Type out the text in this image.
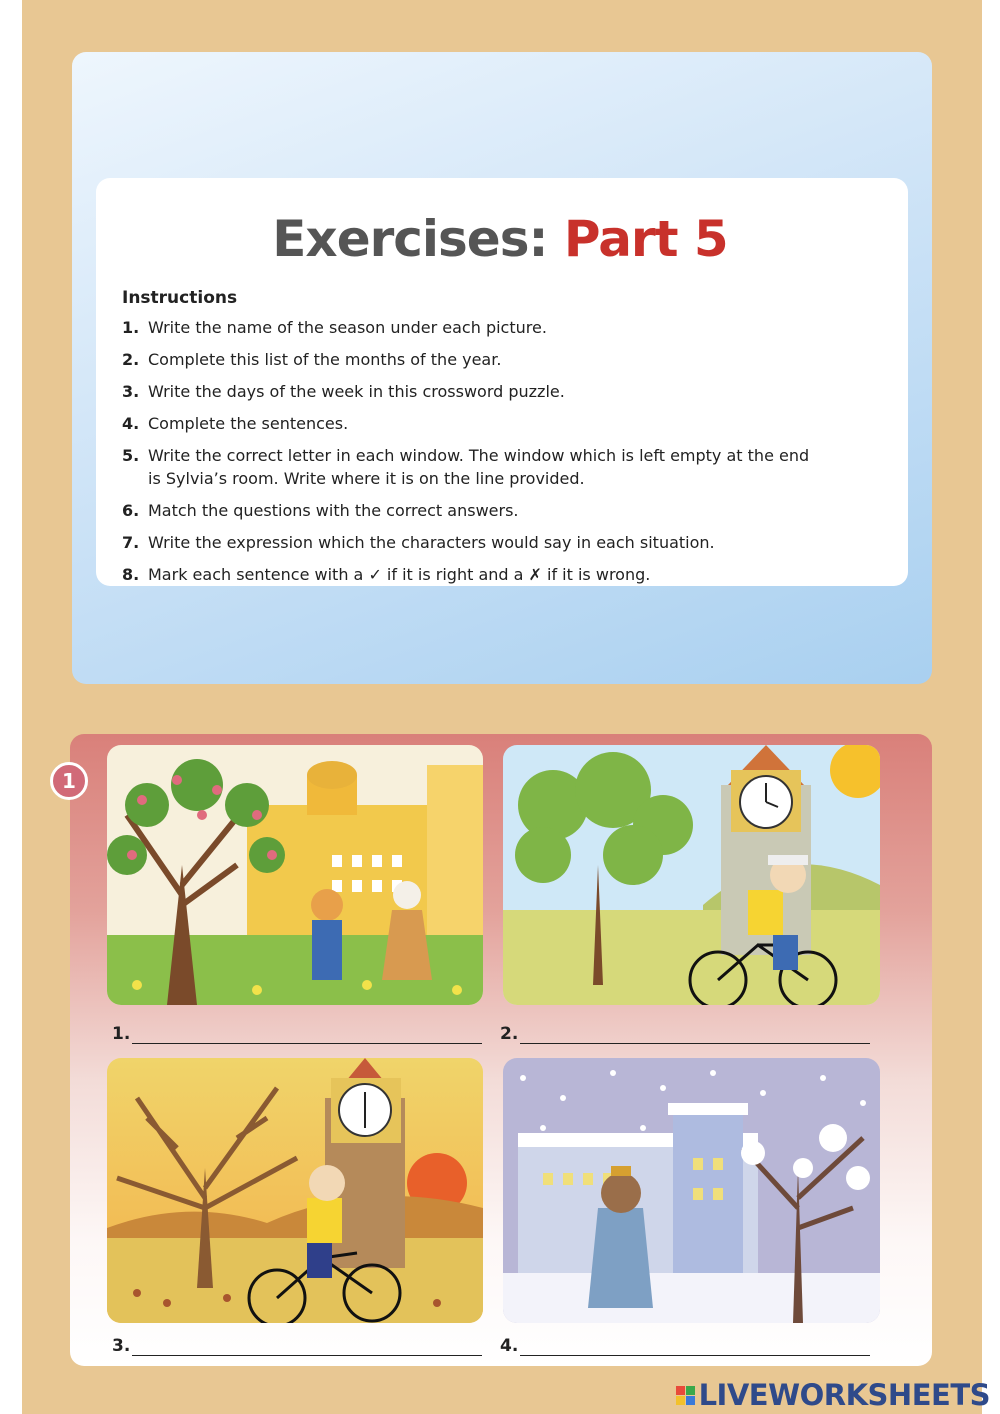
Exercises: Part 5
Instructions
1. Write the name of the season under each picture.
2. Complete this list of the months of the year.
3. Write the days of the week in this crossword puzzle.
4. Complete the sentences.
5. Write the correct letter in each window. The window which is left empty at the end is Sylvia’s room. Write where it is on the line provided.
6. Match the questions with the correct answers.
7. Write the expression which the characters would say in each situation.
8. Mark each sentence with a ✓ if it is right and a ✗ if it is wrong.
1
1.	2.
3.	4.
LIVEWORKSHEETS
